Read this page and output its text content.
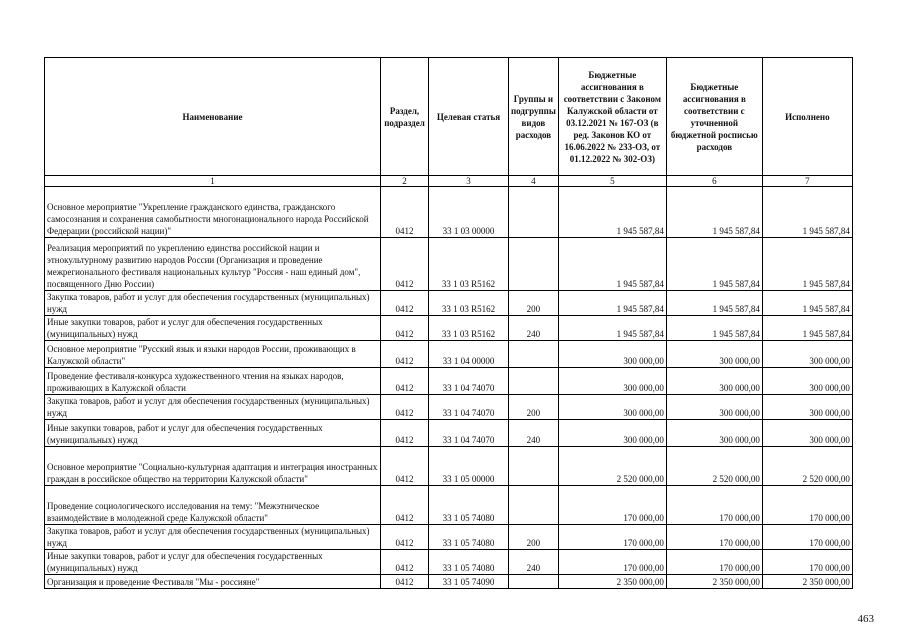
Наименование	Раздел, подраздел	Целевая статья	Группы и подгруппы видов расходов	Бюджетные ассигнования в соответствии с Законом Калужской области от 03.12.2021 № 167-ОЗ (в ред. Законов КО от 16.06.2022 № 233-ОЗ, от 01.12.2022 № 302-ОЗ)	Бюджетные ассигнования в соответствии с уточненной бюджетной росписью расходов	Исполнено
1	2	3	4	5	6	7
Основное мероприятие "Укрепление гражданского единства, гражданского самосознания и сохранения самобытности многонационального народа Российской Федерации (российской нации)"	0412	33 1 03 00000		1 945 587,84	1 945 587,84	1 945 587,84
Реализация мероприятий по укреплению единства российской нации и этнокультурному развитию народов России (Организация и проведение межрегионального фестиваля национальных культур "Россия - наш единый дом", посвященного Дню России)	0412	33 1 03 R5162		1 945 587,84	1 945 587,84	1 945 587,84
Закупка товаров, работ и услуг для обеспечения государственных (муниципальных) нужд	0412	33 1 03 R5162	200	1 945 587,84	1 945 587,84	1 945 587,84
Иные закупки товаров, работ и услуг для обеспечения государственных (муниципальных) нужд	0412	33 1 03 R5162	240	1 945 587,84	1 945 587,84	1 945 587,84
Основное мероприятие "Русский язык и языки народов России, проживающих в Калужской области"	0412	33 1 04 00000		300 000,00	300 000,00	300 000,00
Проведение фестиваля-конкурса художественного чтения на языках народов, проживающих в Калужской области	0412	33 1 04 74070		300 000,00	300 000,00	300 000,00
Закупка товаров, работ и услуг для обеспечения государственных (муниципальных) нужд	0412	33 1 04 74070	200	300 000,00	300 000,00	300 000,00
Иные закупки товаров, работ и услуг для обеспечения государственных (муниципальных) нужд	0412	33 1 04 74070	240	300 000,00	300 000,00	300 000,00
Основное мероприятие "Социально-культурная адаптация и интеграция иностранных граждан в российское общество на территории Калужской области"	0412	33 1 05 00000		2 520 000,00	2 520 000,00	2 520 000,00
Проведение социологического исследования на тему: "Межэтническое взаимодействие в молодежной среде Калужской области"	0412	33 1 05 74080		170 000,00	170 000,00	170 000,00
Закупка товаров, работ и услуг для обеспечения государственных (муниципальных) нужд	0412	33 1 05 74080	200	170 000,00	170 000,00	170 000,00
Иные закупки товаров, работ и услуг для обеспечения государственных (муниципальных) нужд	0412	33 1 05 74080	240	170 000,00	170 000,00	170 000,00
Организация и проведение Фестиваля "Мы - россияне"	0412	33 1 05 74090		2 350 000,00	2 350 000,00	2 350 000,00
463
